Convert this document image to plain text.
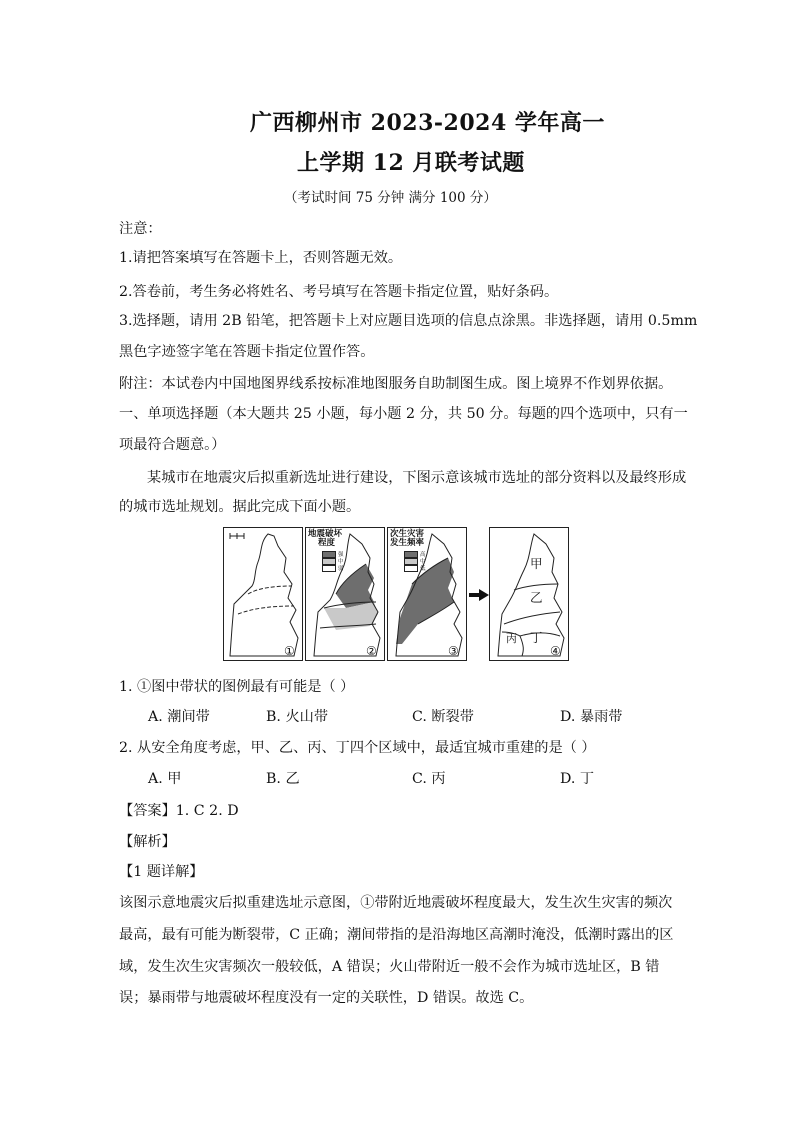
广西柳州市 2023-2024 学年高一
上学期 12 月联考试题
（考试时间 75 分钟 满分 100 分）
注意：
1.请把答案填写在答题卡上，否则答题无效。
2.答卷前，考生务必将姓名、考号填写在答题卡指定位置，贴好条码。
3.选择题，请用 2B 铅笔，把答题卡上对应题目选项的信息点涂黑。非选择题，请用 0.5mm
黑色字迹签字笔在答题卡指定位置作答。
附注：本试卷内中国地图界线系按标准地图服务自助制图生成。图上境界不作划界依据。
一、单项选择题（本大题共 25 小题，每小题 2 分，共 50 分。每题的四个选项中，只有一
项最符合题意。）
某城市在地震灾后拟重新选址进行建设，下图示意该城市选址的部分资料以及最终形成
的城市选址规划。据此完成下面小题。
①
地震破坏
程度
强
中
弱
②
次生灾害
发生频率
高
中
低
③
甲
乙
丙 丁
④
1. ①图中带状的图例最有可能是（ ）
A. 潮间带	B. 火山带	C. 断裂带	D. 暴雨带
2. 从安全角度考虑，甲、乙、丙、丁四个区域中，最适宜城市重建的是（ ）
A. 甲	B. 乙	C. 丙	D. 丁
【答案】1. C 2. D
【解析】
【1 题详解】
该图示意地震灾后拟重建选址示意图，①带附近地震破坏程度最大，发生次生灾害的频次
最高，最有可能为断裂带，C 正确；潮间带指的是沿海地区高潮时淹没，低潮时露出的区
域，发生次生灾害频次一般较低，A 错误；火山带附近一般不会作为城市选址区，B 错
误；暴雨带与地震破坏程度没有一定的关联性，D 错误。故选 C。
